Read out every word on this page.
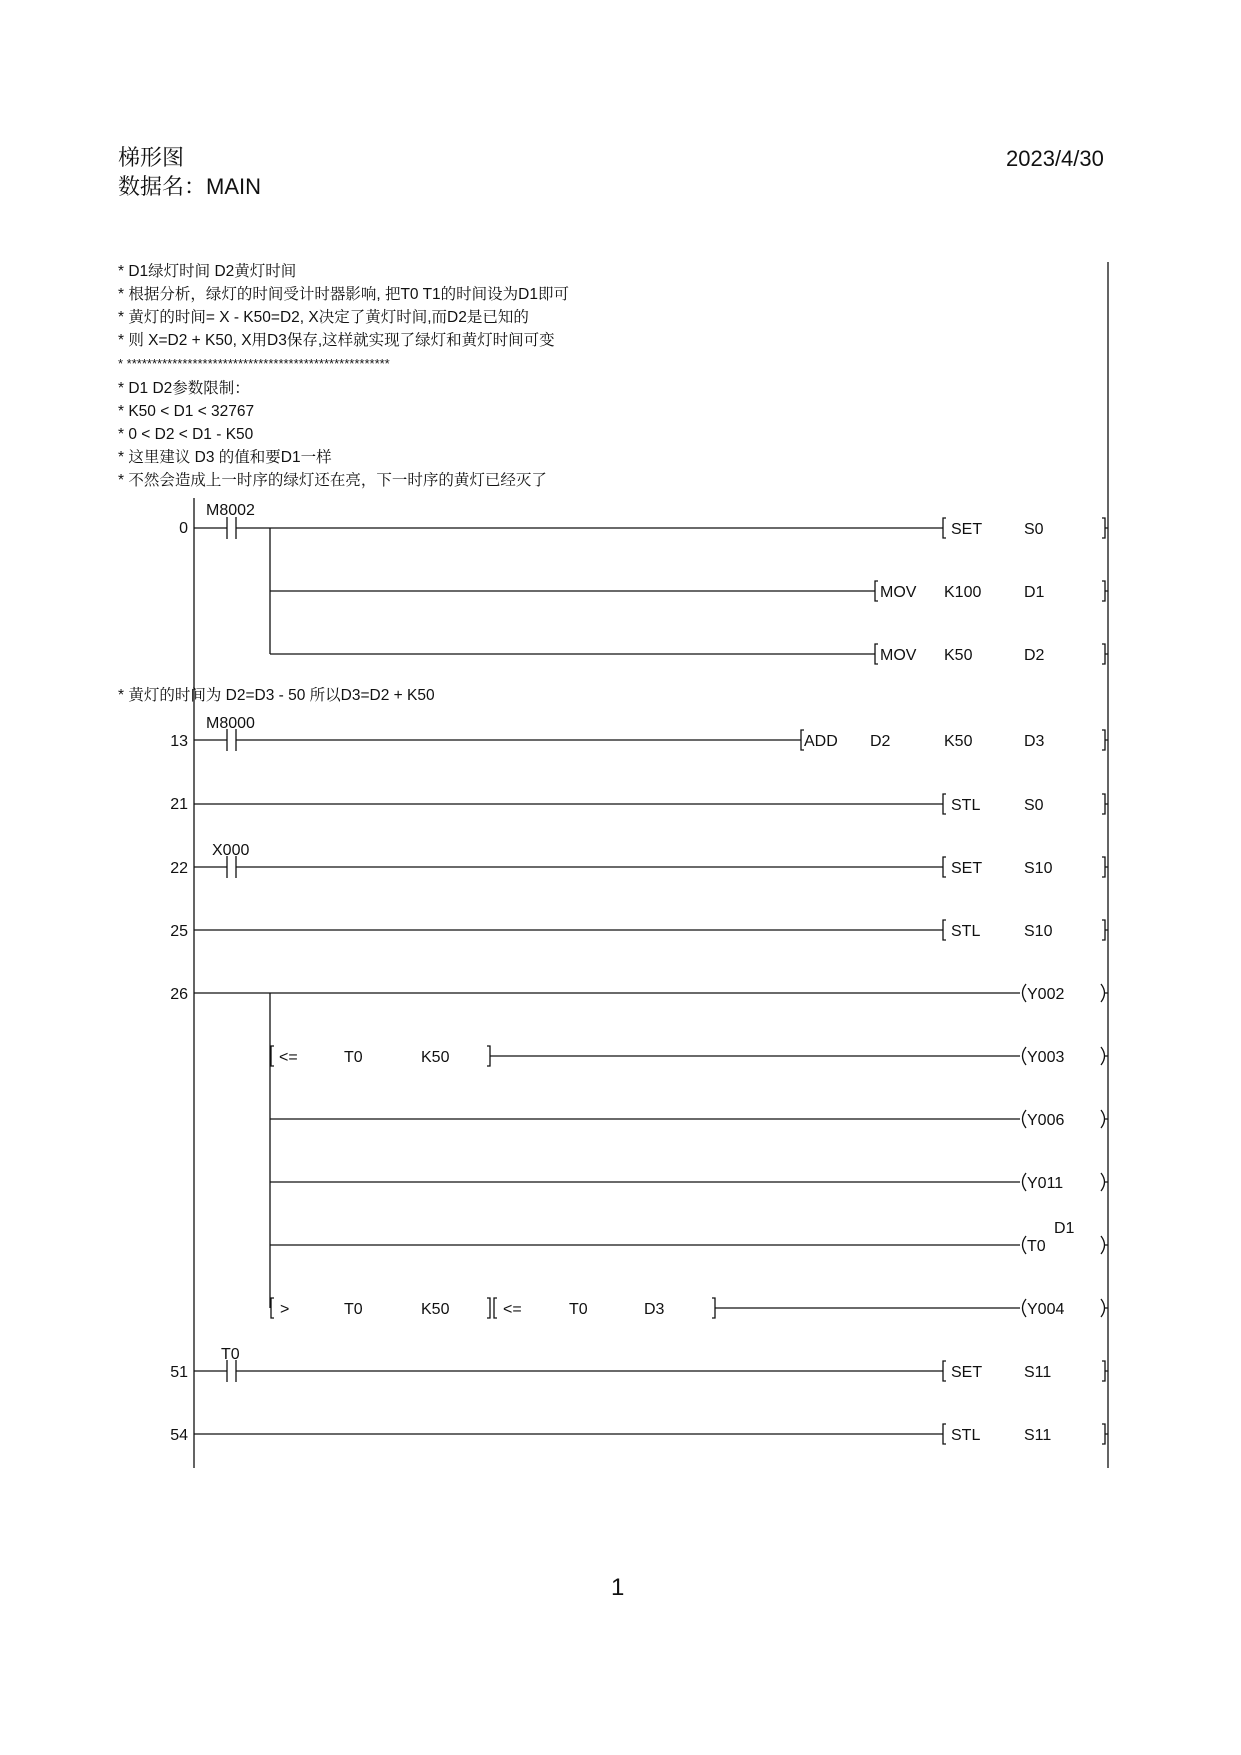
梯形图
数据名：MAIN
2023/4/30
* D1绿灯时间 D2黄灯时间
* 根据分析，绿灯的时间受计时器影响, 把T0 T1的时间设为D1即可
* 黄灯的时间= X - K50=D2, X决定了黄灯时间,而D2是已知的
* 则 X=D2 + K50, X用D3保存,这样就实现了绿灯和黄灯时间可变
* ****************************************************
* D1 D2参数限制：
* K50 < D1 < 32767
* 0 < D2 < D1 - K50
* 这里建议 D3 的值和要D1一样
* 不然会造成上一时序的绿灯还在亮，下一时序的黄灯已经灭了
* 黄灯的时间为 D2=D3 - 50 所以D3=D2 + K50
0
M8002
SET	S0
MOV K100	D1
MOV K50	D2
13
M8000
ADD D2	K50	D3
21	STL	S0
22
X000
SET	S10
25	STL	S10
26	Y002
<=	T0	K50	Y003
Y006
Y011
T0
D1
>	T0	K50	<=	T0	D3	Y004
51
T0
SET	S11
54	STL	S11
1
